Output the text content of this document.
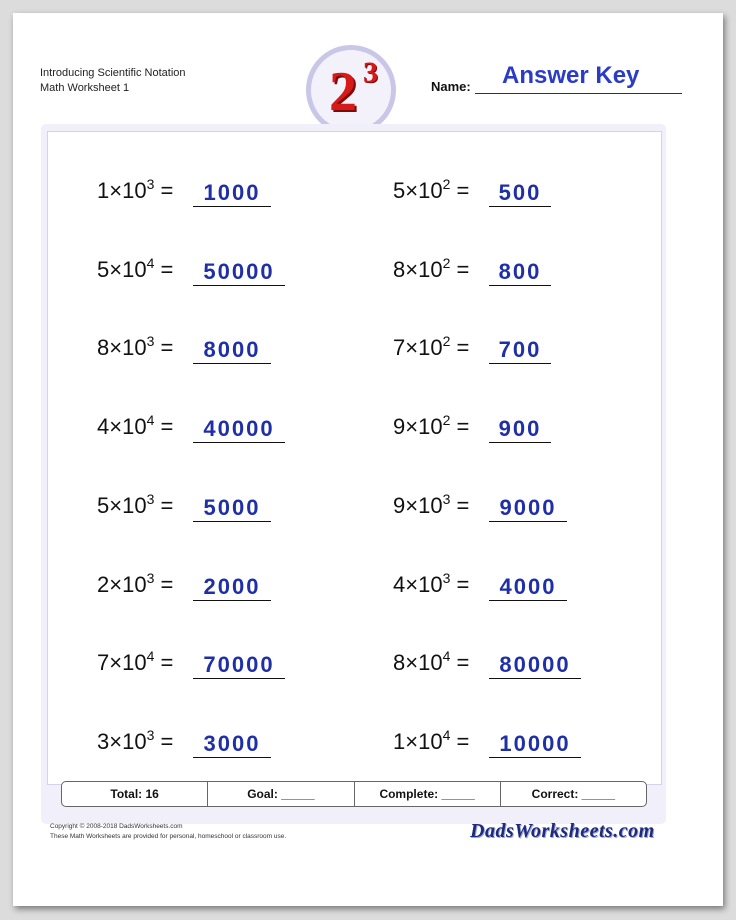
Introducing Scientific Notation
Math Worksheet 1	2 3	Name: Answer Key
$1\times 10^3$ =	1000	$5\times 10^2$ =	500
$5\times 10^4$ =	50000	$8\times 10^2$ =	800
$8\times 10^3$ =	8000	$7\times 10^2$ =	700
$4\times 10^4$ =	40000	$9\times 10^2$ =	900
$5\times 10^3$ =	5000	$9\times 10^3$ =	9000
$2\times 10^3$ =	2000	$4\times 10^3$ =	4000
$7\times 10^4$ =	70000	$8\times 10^4$ =	80000
$3\times 10^3$ =	3000	$1\times 10^4$ =	10000
Total: 16	Goal: _____	Complete: _____	Correct: _____
Copyright © 2008-2018 DadsWorksheets.com
These Math Worksheets are provided for personal, homeschool or classroom use.	DadsWorksheets.com
